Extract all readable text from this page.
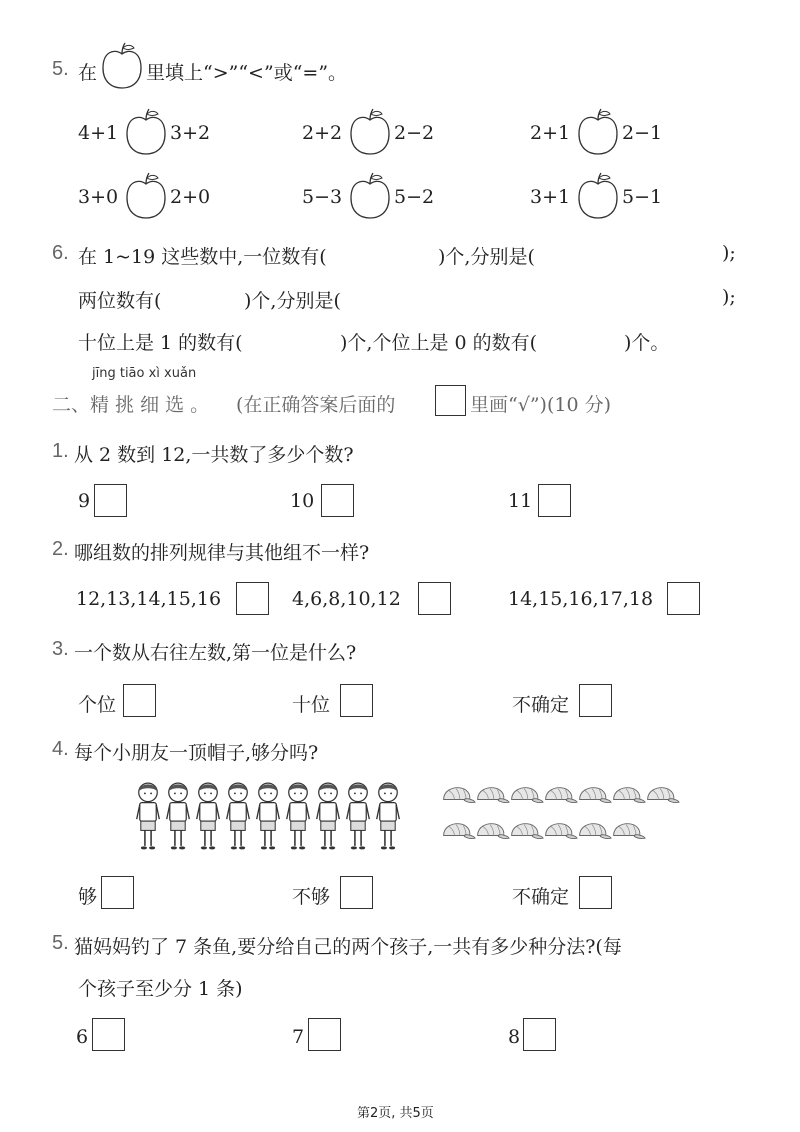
5. 在	里填上“>”“<”或“=”。
4+1	3+2	2+2	2−2	2+1	2−1
3+0	2+0	5−3	5−2	3+1	5−1
6. 在 1~19 这些数中,一位数有(	)个,分别是(	);
两位数有(	)个,分别是(	);
十位上是 1 的数有(	)个,个位上是 0 的数有(	)个。
jīng tiāo xì xuǎn
二、精 挑 细 选 。 (在正确答案后面的	里画“√”)(10 分)
1. 从 2 数到 12,一共数了多少个数?
9	10	11
2. 哪组数的排列规律与其他组不一样?
12,13,14,15,16	4,6,8,10,12	14,15,16,17,18
3. 一个数从右往左数,第一位是什么?
个位	十位	不确定
4. 每个小朋友一顶帽子,够分吗?
够	不够	不确定
5. 猫妈妈钓了 7 条鱼,要分给自己的两个孩子,一共有多少种分法?(每
个孩子至少分 1 条)
6	7	8
第2页, 共5页
